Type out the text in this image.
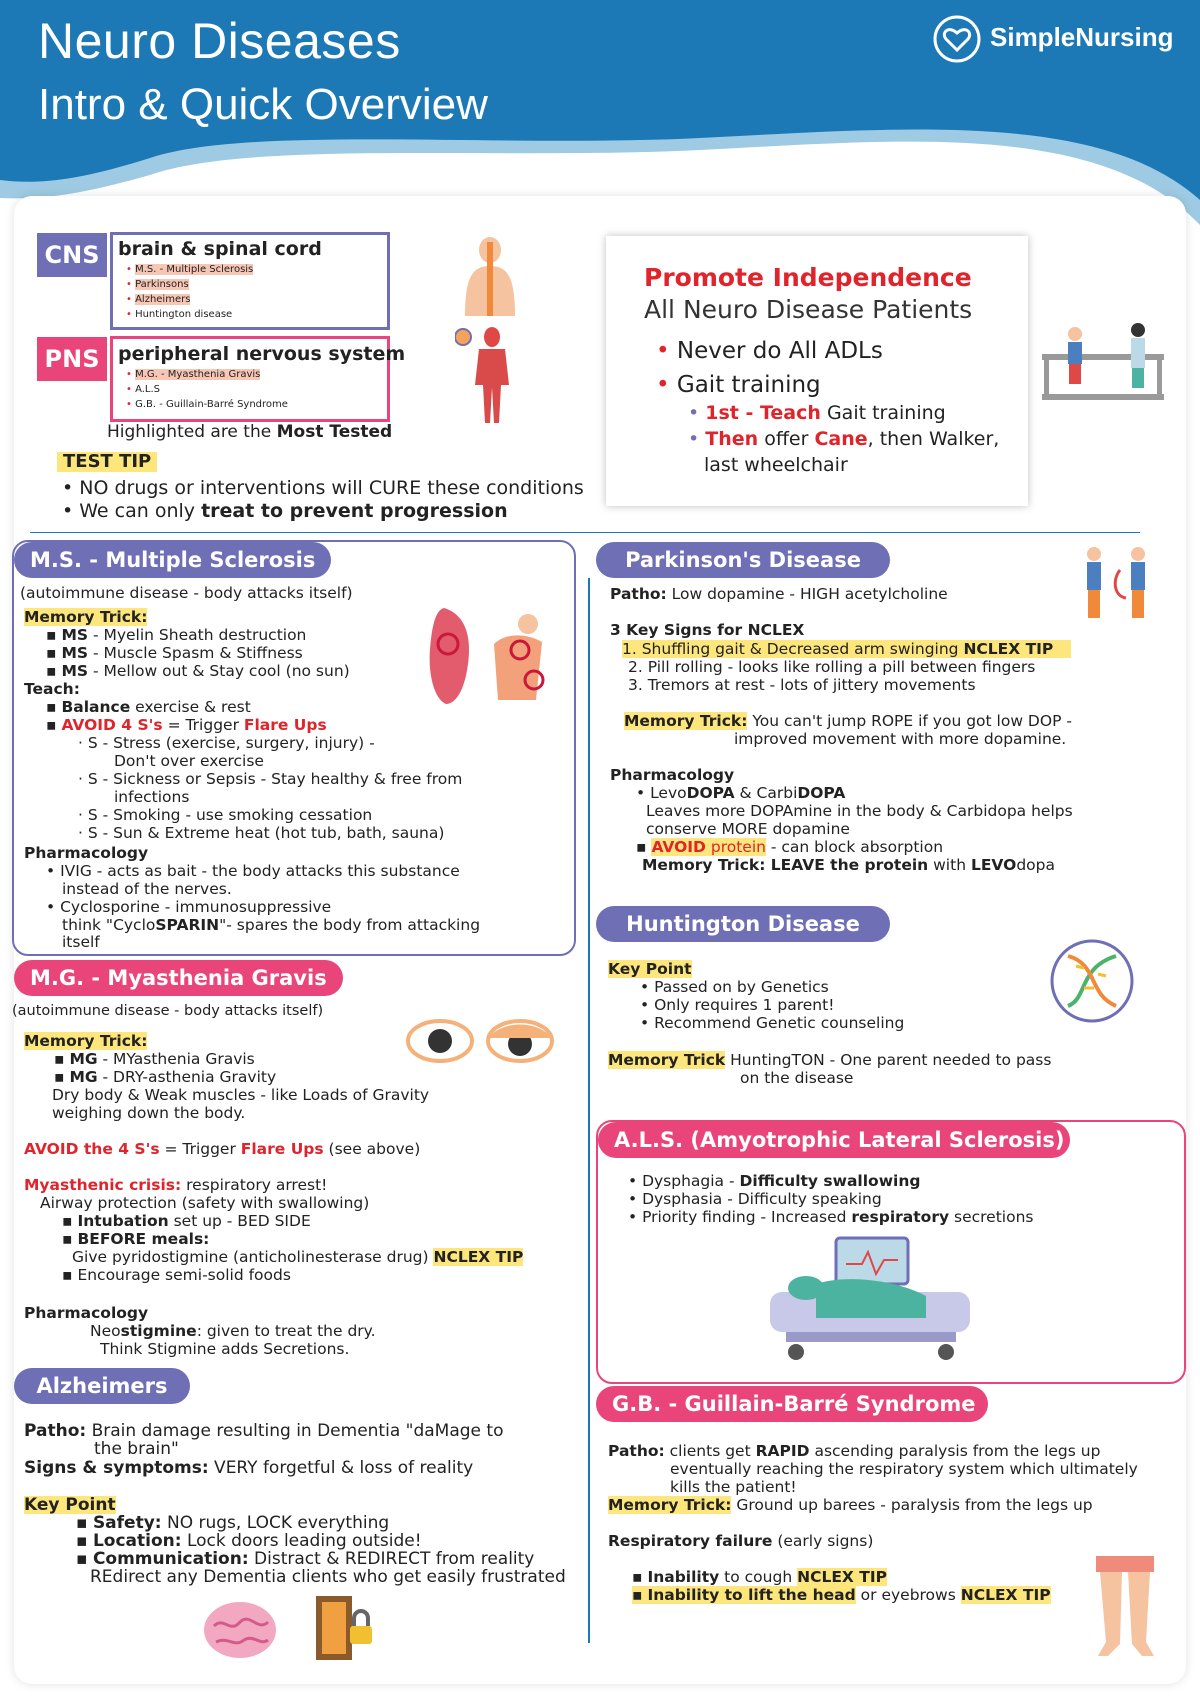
Neuro Diseases
Intro & Quick Overview
SimpleNursing
CNS brain & spinal cord
• M.S. - Multiple Sclerosis
• Parkinsons
• Alzheimers
• Huntington disease
PNS peripheral nervous system
• M.G. - Myasthenia Gravis
• A.L.S
• G.B. - Guillain-Barré Syndrome
Highlighted are the Most Tested
TEST TIP
• NO drugs or interventions will CURE these conditions
• We can only treat to prevent progression
Promote Independence
All Neuro Disease Patients
• Never do All ADLs
• Gait training
• 1st - Teach Gait training
• Then offer Cane, then Walker,
last wheelchair
M.S. - Multiple Sclerosis
(autoimmune disease - body attacks itself)
Memory Trick:
▪ MS - Myelin Sheath destruction
▪ MS - Muscle Spasm & Stiffness
▪ MS - Mellow out & Stay cool (no sun)
Teach:
▪ Balance exercise & rest
▪ AVOID 4 S's = Trigger Flare Ups
· S - Stress (exercise, surgery, injury) -
Don't over exercise
· S - Sickness or Sepsis - Stay healthy & free from
infections
· S - Smoking - use smoking cessation
· S - Sun & Extreme heat (hot tub, bath, sauna)
Pharmacology
• IVIG - acts as bait - the body attacks this substance
instead of the nerves.
• Cyclosporine - immunosuppressive
think "CycloSPARIN"- spares the body from attacking
itself
M.G. - Myasthenia Gravis
(autoimmune disease - body attacks itself)
Memory Trick:
▪ MG - MYasthenia Gravis
▪ MG - DRY-asthenia Gravity
Dry body & Weak muscles - like Loads of Gravity
weighing down the body.
AVOID the 4 S's = Trigger Flare Ups (see above)
Myasthenic crisis: respiratory arrest!
Airway protection (safety with swallowing)
▪ Intubation set up - BED SIDE
▪ BEFORE meals:
Give pyridostigmine (anticholinesterase drug) NCLEX TIP
▪ Encourage semi-solid foods
Pharmacology
Neostigmine: given to treat the dry.
Think Stigmine adds Secretions.
Alzheimers
Patho: Brain damage resulting in Dementia "daMage to
the brain"
Signs & symptoms: VERY forgetful & loss of reality
Key Point
▪ Safety: NO rugs, LOCK everything
▪ Location: Lock doors leading outside!
▪ Communication: Distract & REDIRECT from reality
REdirect any Dementia clients who get easily frustrated
Parkinson's Disease
Patho: Low dopamine - HIGH acetylcholine
3 Key Signs for NCLEX
1. Shuffling gait & Decreased arm swinging NCLEX TIP
2. Pill rolling - looks like rolling a pill between fingers
3. Tremors at rest - lots of jittery movements
Memory Trick: You can't jump ROPE if you got low DOP -
improved movement with more dopamine.
Pharmacology
• LevoDOPA & CarbiDOPA
Leaves more DOPAmine in the body & Carbidopa helps
conserve MORE dopamine
▪ AVOID protein - can block absorption
Memory Trick: LEAVE the protein with LEVOdopa
Huntington Disease
Key Point
• Passed on by Genetics
• Only requires 1 parent!
• Recommend Genetic counseling
Memory Trick HuntingTON - One parent needed to pass
on the disease
A.L.S. (Amyotrophic Lateral Sclerosis)
• Dysphagia - Difficulty swallowing
• Dysphasia - Difficulty speaking
• Priority finding - Increased respiratory secretions
G.B. - Guillain-Barré Syndrome
Patho: clients get RAPID ascending paralysis from the legs up
eventually reaching the respiratory system which ultimately
kills the patient!
Memory Trick: Ground up barees - paralysis from the legs up
Respiratory failure (early signs)
▪ Inability to cough NCLEX TIP
▪ Inability to lift the head or eyebrows NCLEX TIP
